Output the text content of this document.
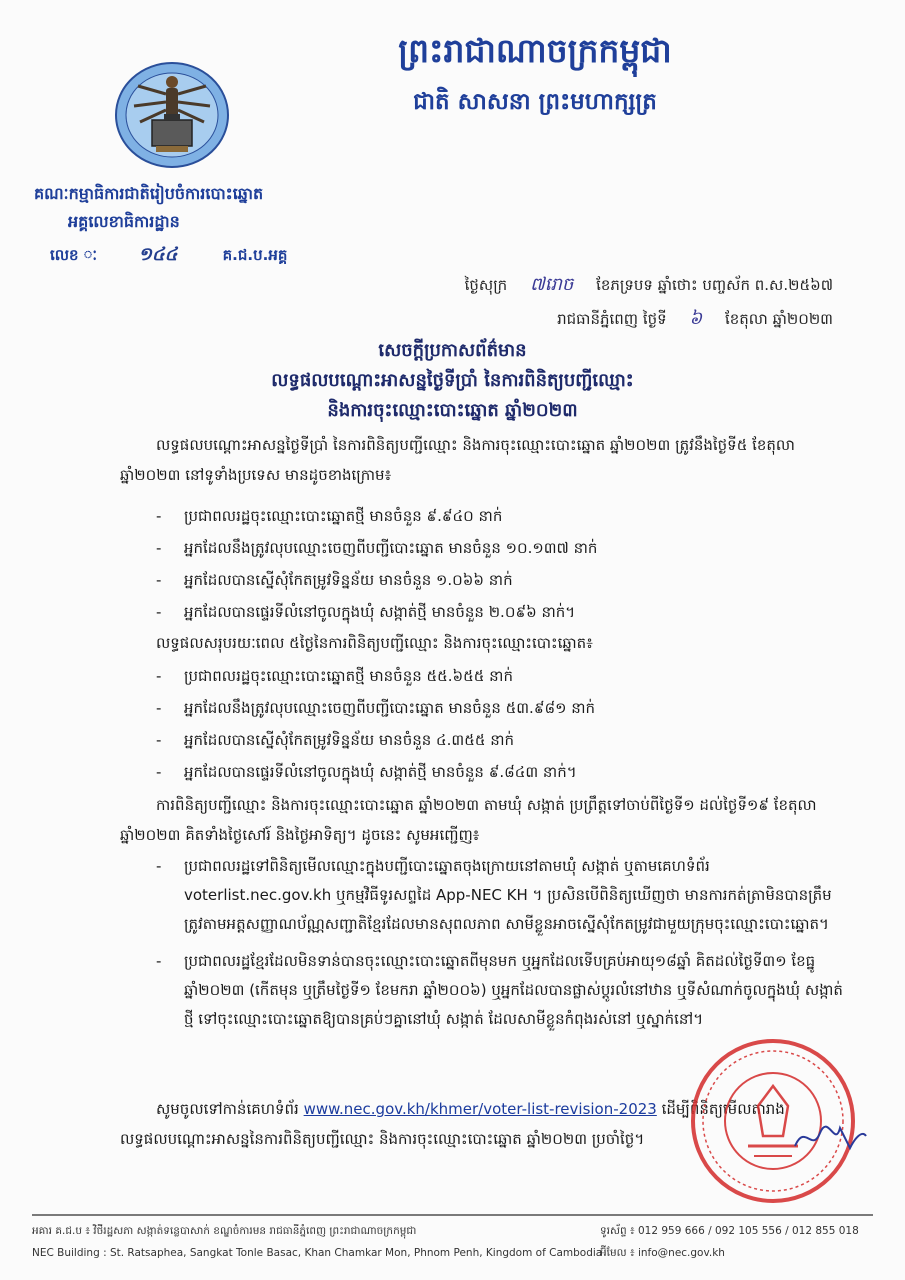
ព្រះរាជាណាចក្រកម្ពុជា
ជាតិ សាសនា ព្រះមហាក្សត្រ
គណៈកម្មាធិការជាតិរៀបចំការបោះឆ្នោត
អគ្គលេខាធិការដ្ឋាន
លេខ ៈ ១៤៤	គ.ជ.ប.អគ្គ
ថ្ងៃសុក្រ ៧រោច ខែភទ្របទ ឆ្នាំថោះ បញ្ចស័ក ព.ស.២៥៦៧
រាជធានីភ្នំពេញ ថ្ងៃទី ៦ ខែតុលា ឆ្នាំ២០២៣
សេចក្តីប្រកាសព័ត៌មាន
លទ្ធផលបណ្តោះអាសន្នថ្ងៃទីប្រាំ នៃការពិនិត្យបញ្ជីឈ្មោះ
និងការចុះឈ្មោះបោះឆ្នោត ឆ្នាំ២០២៣

លទ្ធផលបណ្តោះអាសន្នថ្ងៃទីប្រាំ នៃការពិនិត្យបញ្ជីឈ្មោះ និងការចុះឈ្មោះបោះឆ្នោត ឆ្នាំ២០២៣ ត្រូវនឹងថ្ងៃទី៥ ខែតុលា ឆ្នាំ២០២៣ នៅទូទាំងប្រទេស មានដូចខាងក្រោម៖

- ប្រជាពលរដ្ឋចុះឈ្មោះបោះឆ្នោតថ្មី មានចំនួន ៩.៩៤០ នាក់
- អ្នកដែលនឹងត្រូវលុបឈ្មោះចេញពីបញ្ជីបោះឆ្នោត មានចំនួន ១០.១៣៧ នាក់
- អ្នកដែលបានស្នើសុំកែតម្រូវទិន្នន័យ មានចំនួន ១.០៦៦ នាក់
- អ្នកដែលបានផ្ទេរទីលំនៅចូលក្នុងឃុំ សង្កាត់ថ្មី មានចំនួន ២.០៩៦ នាក់។

លទ្ធផលសរុបរយៈពេល ៥ថ្ងៃនៃការពិនិត្យបញ្ជីឈ្មោះ និងការចុះឈ្មោះបោះឆ្នោត៖

- ប្រជាពលរដ្ឋចុះឈ្មោះបោះឆ្នោតថ្មី មានចំនួន ៥៥.៦៥៥ នាក់
- អ្នកដែលនឹងត្រូវលុបឈ្មោះចេញពីបញ្ជីបោះឆ្នោត មានចំនួន ៥៣.៩៨១ នាក់
- អ្នកដែលបានស្នើសុំកែតម្រូវទិន្នន័យ មានចំនួន ៤.៣៥៥ នាក់
- អ្នកដែលបានផ្ទេរទីលំនៅចូលក្នុងឃុំ សង្កាត់ថ្មី មានចំនួន ៩.៨៤៣ នាក់។

ការពិនិត្យបញ្ជីឈ្មោះ និងការចុះឈ្មោះបោះឆ្នោត ឆ្នាំ២០២៣ តាមឃុំ សង្កាត់ ប្រព្រឹត្តទៅចាប់ពីថ្ងៃទី១ ដល់ថ្ងៃទី១៩ ខែតុលា ឆ្នាំ២០២៣ គិតទាំងថ្ងៃសៅរ៍ និងថ្ងៃអាទិត្យ។ ដូចនេះ សូមអញ្ជើញ៖

- ប្រជាពលរដ្ឋទៅពិនិត្យមើលឈ្មោះក្នុងបញ្ជីបោះឆ្នោតចុងក្រោយនៅតាមឃុំ សង្កាត់ ឬតាមគេហទំព័រ voterlist.nec.gov.kh ឬកម្មវិធីទូរសព្ទដៃ App-NEC KH ។ ប្រសិនបើពិនិត្យឃើញថា មានការកត់ត្រាមិនបានត្រឹមត្រូវតាមអត្តសញ្ញាណប័ណ្ណសញ្ជាតិខ្មែរដែលមានសុពលភាព សាមីខ្លួនអាចស្នើសុំកែតម្រូវជាមួយក្រុមចុះឈ្មោះបោះឆ្នោត។
- ប្រជាពលរដ្ឋខ្មែរដែលមិនទាន់បានចុះឈ្មោះបោះឆ្នោតពីមុនមក ឬអ្នកដែលទើបគ្រប់អាយុ១៨ឆ្នាំ គិតដល់ថ្ងៃទី៣១ ខែធ្នូ ឆ្នាំ២០២៣ (កើតមុន ឬត្រឹមថ្ងៃទី១ ខែមករា ឆ្នាំ២០០៦) ឬអ្នកដែលបានផ្លាស់ប្តូរលំនៅឋាន ឬទីសំណាក់ចូលក្នុងឃុំ សង្កាត់ថ្មី ទៅចុះឈ្មោះបោះឆ្នោតឱ្យបានគ្រប់ៗគ្នានៅឃុំ សង្កាត់ ដែលសាមីខ្លួនកំពុងរស់នៅ ឬស្នាក់នៅ។

សូមចូលទៅកាន់គេហទំព័រ www.nec.gov.kh/khmer/voter-list-revision-2023 ដើម្បីពិនិត្យមើលតារាងលទ្ធផលបណ្តោះអាសន្ននៃការពិនិត្យបញ្ជីឈ្មោះ និងការចុះឈ្មោះបោះឆ្នោត ឆ្នាំ២០២៣ ប្រចាំថ្ងៃ។

អគារ គ.ជ.ប ៖ វិថីរដ្ឋសភា សង្កាត់ទន្លេបាសាក់ ខណ្ឌចំការមន រាជធានីភ្នំពេញ ព្រះរាជាណាចក្រកម្ពុជា
NEC Building : St. Ratsaphea, Sangkat Tonle Basac, Khan Chamkar Mon, Phnom Penh, Kingdom of Cambodia
ទូរស័ព្ទ ៖ 012 959 666 / 092 105 556 / 012 855 018
អ៊ីមែល ៖ info@nec.gov.kh
